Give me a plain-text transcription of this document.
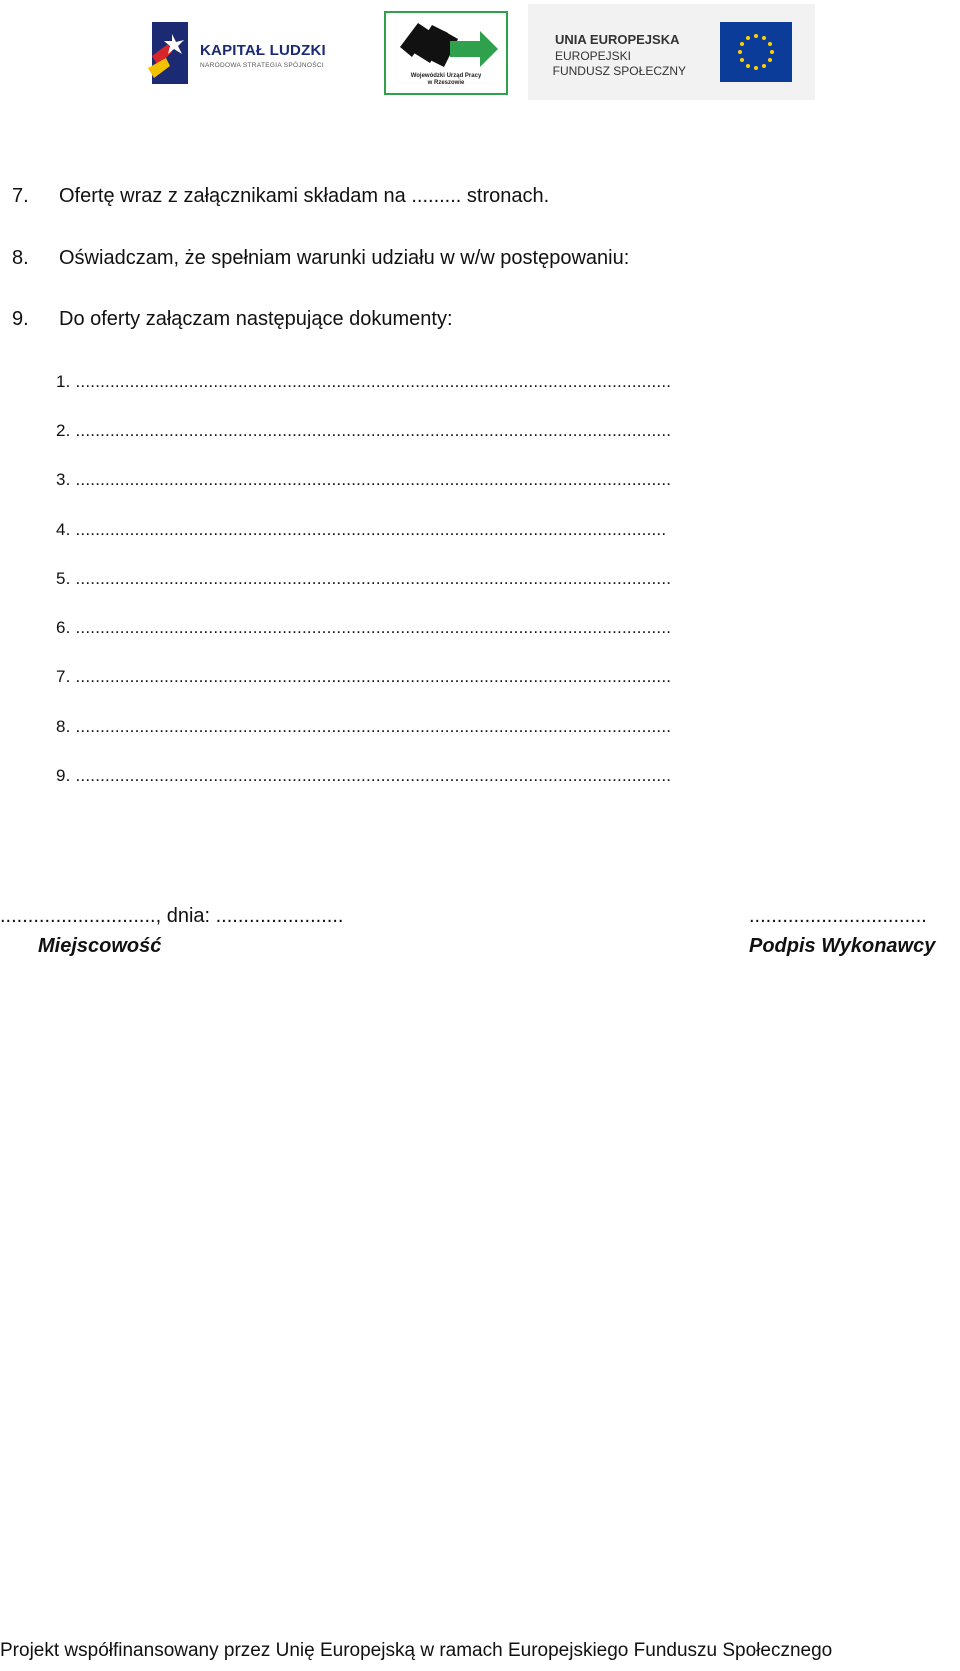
KAPITAŁ LUDZKI
NARODOWA STRATEGIA SPÓJNOŚCI
Wojewódzki Urząd Pracy
w Rzeszowie
UNIA EUROPEJSKA
EUROPEJSKI
FUNDUSZ SPOŁECZNY
7. Ofertę wraz z załącznikami składam na ......... stronach.
8. Oświadczam, że spełniam warunki udziału w w/w postępowaniu:
9. Do oferty załączam następujące dokumenty:
1. .........................................................................................................................
2. .........................................................................................................................
3. .........................................................................................................................
4. ........................................................................................................................
5. .........................................................................................................................
6. .........................................................................................................................
7. .........................................................................................................................
8. .........................................................................................................................
9. .........................................................................................................................
............................, dnia: .......................	................................
Miejscowość	Podpis Wykonawcy
Projekt współfinansowany przez Unię Europejską w ramach Europejskiego Funduszu Społecznego
